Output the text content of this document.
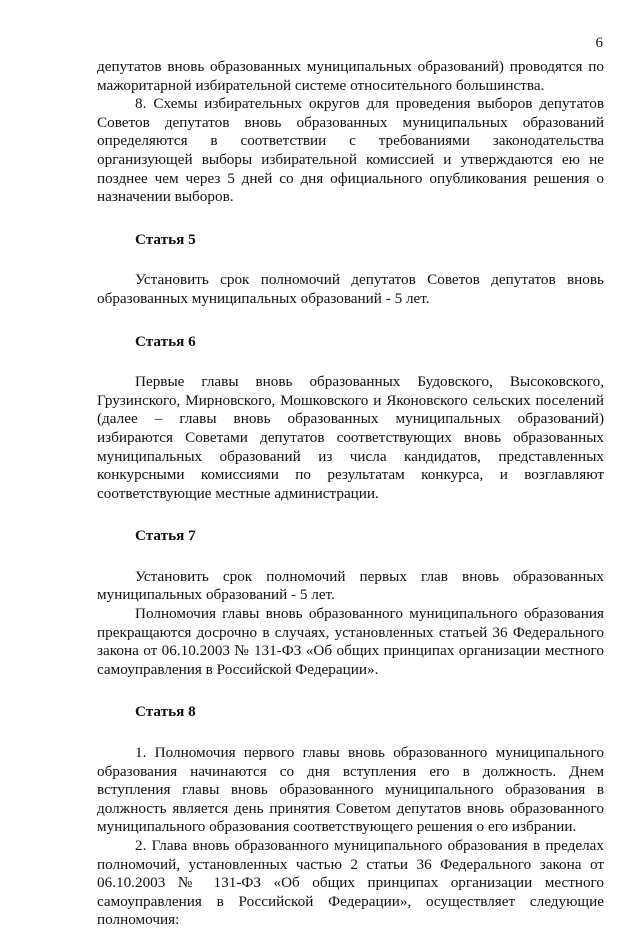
6

депутатов вновь образованных муниципальных образований) проводятся по мажоритарной избирательной системе относительного большинства.

8. Схемы избирательных округов для проведения выборов депутатов Советов депутатов вновь образованных муниципальных образований определяются в соответствии с требованиями законодательства организующей выборы избирательной комиссией и утверждаются ею не позднее чем через 5 дней со дня официального опубликования решения о назначении выборов.

Статья 5

Установить срок полномочий депутатов Советов депутатов вновь образованных муниципальных образований - 5 лет.

Статья 6

Первые главы вновь образованных Будовского, Высоковского, Грузинского, Мирновского, Мошковского и Яконовского сельских поселений (далее – главы вновь образованных муниципальных образований) избираются Советами депутатов соответствующих вновь образованных муниципальных образований из числа кандидатов, представленных конкурсными комиссиями по результатам конкурса, и возглавляют соответствующие местные администрации.

Статья 7

Установить срок полномочий первых глав вновь образованных муниципальных образований - 5 лет.

Полномочия главы вновь образованного муниципального образования прекращаются досрочно в случаях, установленных статьей 36 Федерального закона от 06.10.2003 № 131-ФЗ «Об общих принципах организации местного самоуправления в Российской Федерации».

Статья 8

1. Полномочия первого главы вновь образованного муниципального образования начинаются со дня вступления его в должность. Днем вступления главы вновь образованного муниципального образования в должность является день принятия Советом депутатов вновь образованного муниципального образования соответствующего решения о его избрании.

2. Глава вновь образованного муниципального образования в пределах полномочий, установленных частью 2 статьи 36 Федерального закона от 06.10.2003 № 131-ФЗ «Об общих принципах организации местного самоуправления в Российской Федерации», осуществляет следующие полномочия:
